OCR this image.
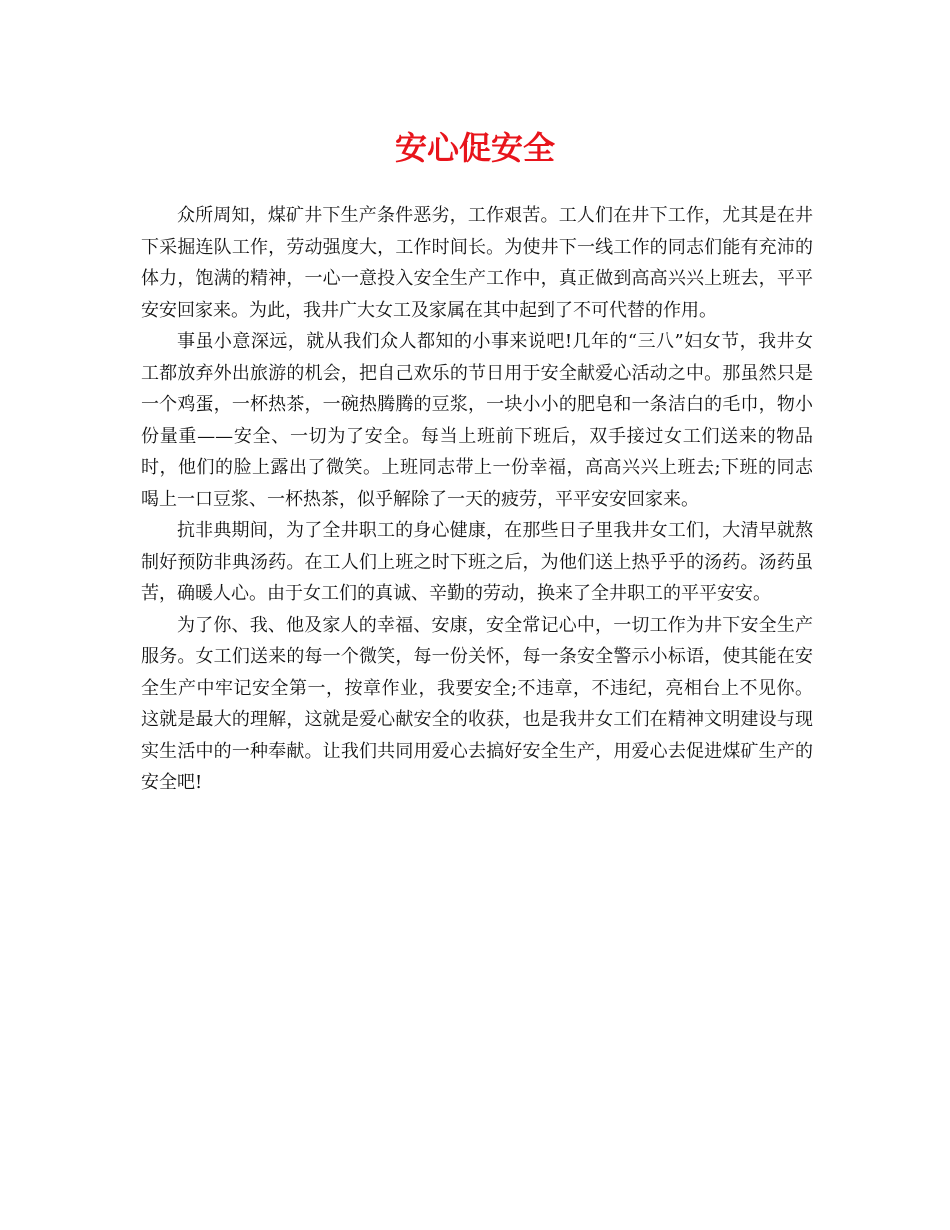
安心促安全

众所周知，煤矿井下生产条件恶劣，工作艰苦。工人们在井下工作，尤其是在井下采掘连队工作，劳动强度大，工作时间长。为使井下一线工作的同志们能有充沛的体力，饱满的精神，一心一意投入安全生产工作中，真正做到高高兴兴上班去，平平安安回家来。为此，我井广大女工及家属在其中起到了不可代替的作用。

事虽小意深远，就从我们众人都知的小事来说吧!几年的“三八”妇女节，我井女工都放弃外出旅游的机会，把自己欢乐的节日用于安全献爱心活动之中。那虽然只是一个鸡蛋，一杯热茶，一碗热腾腾的豆浆，一块小小的肥皂和一条洁白的毛巾，物小份量重——安全、一切为了安全。每当上班前下班后，双手接过女工们送来的物品时，他们的脸上露出了微笑。上班同志带上一份幸福，高高兴兴上班去;下班的同志喝上一口豆浆、一杯热茶，似乎解除了一天的疲劳，平平安安回家来。

抗非典期间，为了全井职工的身心健康，在那些日子里我井女工们，大清早就熬制好预防非典汤药。在工人们上班之时下班之后，为他们送上热乎乎的汤药。汤药虽苦，确暖人心。由于女工们的真诚、辛勤的劳动，换来了全井职工的平平安安。

为了你、我、他及家人的幸福、安康，安全常记心中，一切工作为井下安全生产服务。女工们送来的每一个微笑，每一份关怀，每一条安全警示小标语，使其能在安全生产中牢记安全第一，按章作业，我要安全;不违章，不违纪，亮相台上不见你。这就是最大的理解，这就是爱心献安全的收获，也是我井女工们在精神文明建设与现实生活中的一种奉献。让我们共同用爱心去搞好安全生产，用爱心去促进煤矿生产的安全吧!
